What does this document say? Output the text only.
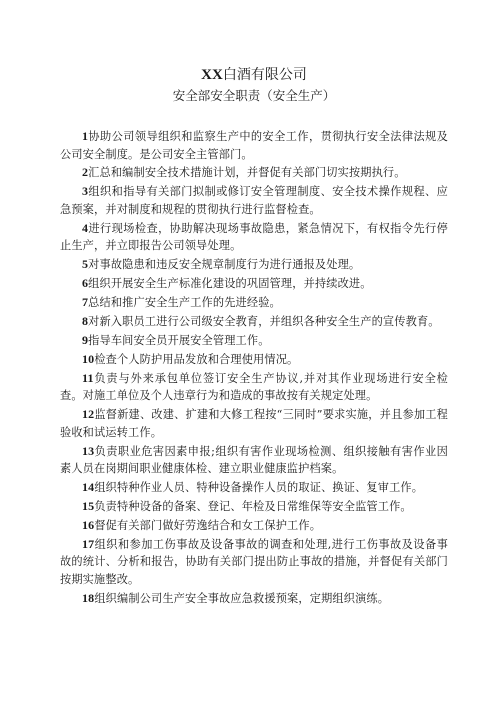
XX白酒有限公司
安全部安全职责（安全生产）

1协助公司领导组织和监察生产中的安全工作，贯彻执行安全法律法规及公司安全制度。是公司安全主管部门。

2汇总和编制安全技术措施计划，并督促有关部门切实按期执行。

3组织和指导有关部门拟制或修订安全管理制度、安全技术操作规程、应急预案，并对制度和规程的贯彻执行进行监督检查。

4进行现场检查，协助解决现场事故隐患，紧急情况下，有权指令先行停止生产，并立即报告公司领导处理。

5对事故隐患和违反安全规章制度行为进行通报及处理。

6组织开展安全生产标准化建设的巩固管理，并持续改进。

7总结和推广安全生产工作的先进经验。

8对新入职员工进行公司级安全教育，并组织各种安全生产的宣传教育。

9指导车间安全员开展安全管理工作。

10检查个人防护用品发放和合理使用情况。

11负责与外来承包单位签订安全生产协议,并对其作业现场进行安全检查。对施工单位及个人违章行为和造成的事故按有关规定处理。

12监督新建、改建、扩建和大修工程按“三同时”要求实施，并且参加工程验收和试运转工作。

13负责职业危害因素申报;组织有害作业现场检测、组织接触有害作业因素人员在岗期间职业健康体检、建立职业健康监护档案。

14组织特种作业人员、特种设备操作人员的取证、换证、复审工作。

15负责特种设备的备案、登记、年检及日常维保等安全监管工作。

16督促有关部门做好劳逸结合和女工保护工作。

17组织和参加工伤事故及设备事故的调查和处理,进行工伤事故及设备事故的统计、分析和报告，协助有关部门提出防止事故的措施，并督促有关部门按期实施整改。

18组织编制公司生产安全事故应急救援预案，定期组织演练。
